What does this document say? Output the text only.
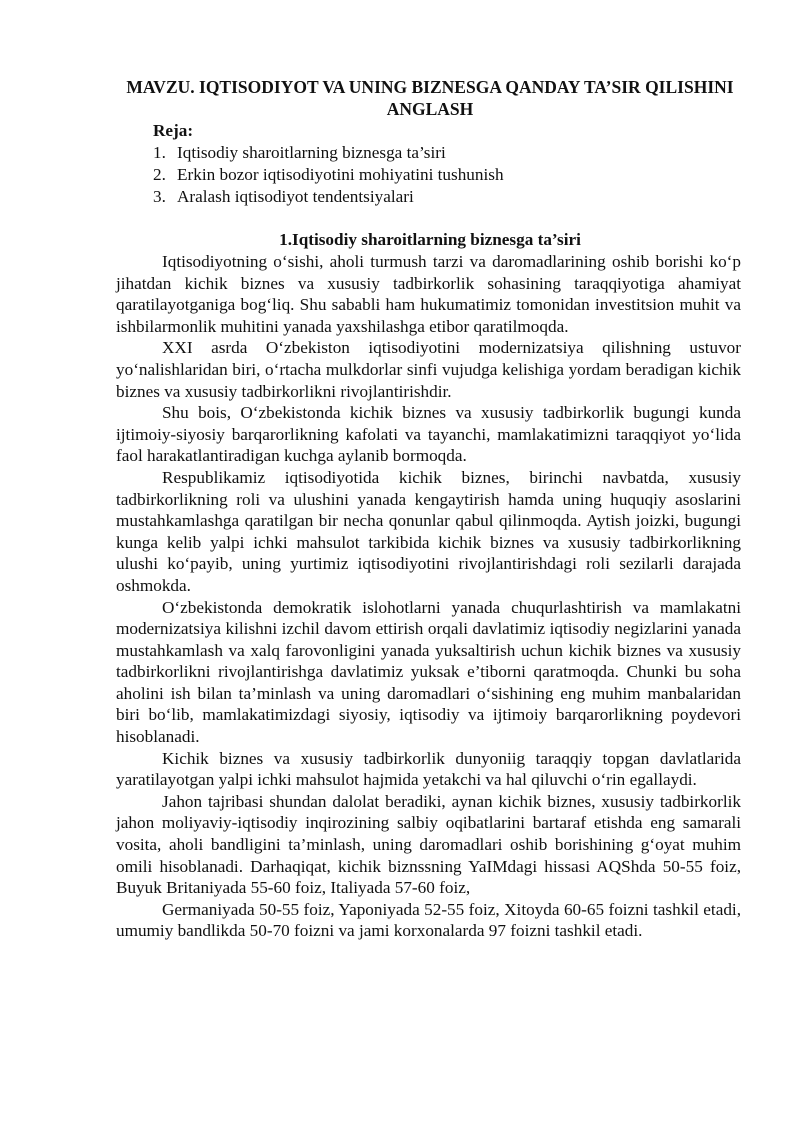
MAVZU. IQTISODIYOT VA UNING BIZNESGA QANDAY TA’SIR QILISHINI ANGLASH
Reja:
1. Iqtisodiy sharoitlarning biznesga ta’siri
2. Erkin bozor iqtisodiyotini mohiyatini tushunish
3. Aralash iqtisodiyot tendentsiyalari
1.Iqtisodiy sharoitlarning biznesga ta’siri

Iqtisodiyotning o‘sishi, aholi turmush tarzi va daromadlarining oshib borishi ko‘p jihatdan kichik biznes va xususiy tadbirkorlik sohasining taraqqiyotiga ahamiyat qaratilayotganiga bog‘liq. Shu sababli ham hukumatimiz tomonidan investitsion muhit va ishbilarmonlik muhitini yanada yaxshilashga etibor qaratilmoqda.

XXI asrda O‘zbekiston iqtisodiyotini modernizatsiya qilishning ustuvor yo‘nalishlaridan biri, o‘rtacha mulkdorlar sinfi vujudga kelishiga yordam beradigan kichik biznes va xususiy tadbirkorlikni rivojlantirishdir.

Shu bois, O‘zbekistonda kichik biznes va xususiy tadbirkorlik bugungi kunda ijtimoiy-siyosiy barqarorlikning kafolati va tayanchi, mamlakatimizni taraqqiyot yo‘lida faol harakatlantiradigan kuchga aylanib bormoqda.

Respublikamiz iqtisodiyotida kichik biznes, birinchi navbatda, xususiy tadbirkorlikning roli va ulushini yanada kengaytirish hamda uning huquqiy asoslarini mustahkamlashga qaratilgan bir necha qonunlar qabul qilinmoqda. Aytish joizki, bugungi kunga kelib yalpi ichki mahsulot tarkibida kichik biznes va xususiy tadbirkorlikning ulushi ko‘payib, uning yurtimiz iqtisodiyotini rivojlantirishdagi roli sezilarli darajada oshmokda.

O‘zbekistonda demokratik islohotlarni yanada chuqurlashtirish va mamlakatni modernizatsiya kilishni izchil davom ettirish orqali davlatimiz iqtisodiy negizlarini yanada mustahkamlash va xalq farovonligini yanada yuksaltirish uchun kichik biznes va xususiy tadbirkorlikni rivojlantirishga davlatimiz yuksak e’tiborni qaratmoqda. Chunki bu soha aholini ish bilan ta’minlash va uning daromadlari o‘sishining eng muhim manbalaridan biri bo‘lib, mamlakatimizdagi siyosiy, iqtisodiy va ijtimoiy barqarorlikning poydevori hisoblanadi.

Kichik biznes va xususiy tadbirkorlik dunyoniig taraqqiy topgan davlatlarida yaratilayotgan yalpi ichki mahsulot hajmida yetakchi va hal qiluvchi o‘rin egallaydi.

Jahon tajribasi shundan dalolat beradiki, aynan kichik biznes, xususiy tadbirkorlik jahon moliyaviy-iqtisodiy inqirozining salbiy oqibatlarini bartaraf etishda eng samarali vosita, aholi bandligini ta’minlash, uning daromadlari oshib borishining g‘oyat muhim omili hisoblanadi. Darhaqiqat, kichik biznssning YaIMdagi hissasi AQShda 50-55 foiz, Buyuk Britaniyada 55-60 foiz, Italiyada 57-60 foiz,

Germaniyada 50-55 foiz, Yaponiyada 52-55 foiz, Xitoyda 60-65 foizni tashkil etadi, umumiy bandlikda 50-70 foizni va jami korxonalarda 97 foizni tashkil etadi.
